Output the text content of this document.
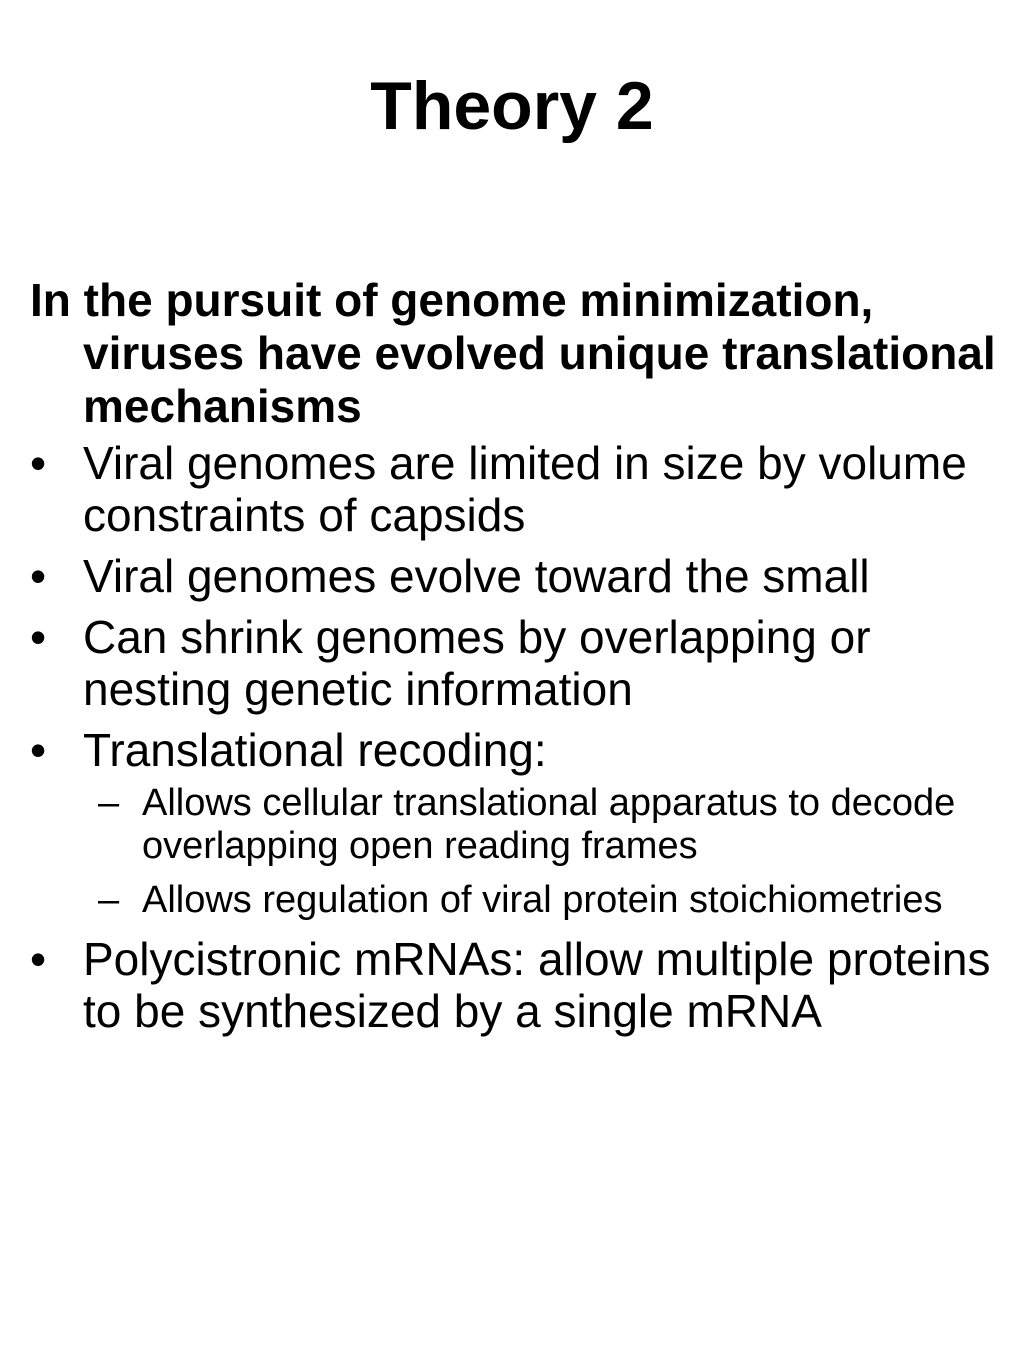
Theory 2

In the pursuit of genome minimization, viruses have evolved unique translational mechanisms

• Viral genomes are limited in size by volume constraints of capsids
• Viral genomes evolve toward the small
• Can shrink genomes by overlapping or nesting genetic information
• Translational recoding:
– Allows cellular translational apparatus to decode overlapping open reading frames
– Allows regulation of viral protein stoichiometries
• Polycistronic mRNAs: allow multiple proteins to be synthesized by a single mRNA
